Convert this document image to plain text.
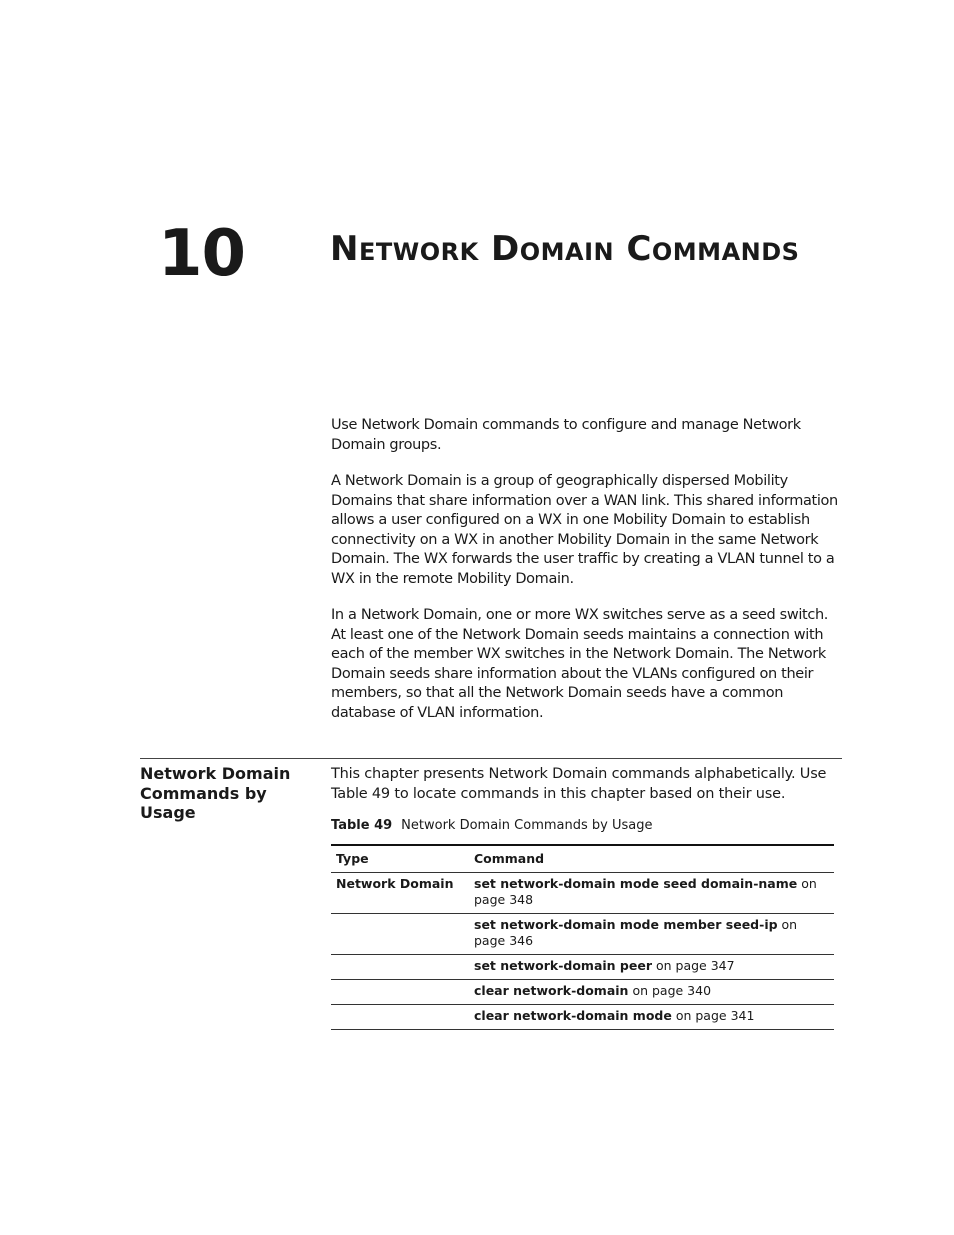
10 Network Domain Commands

Use Network Domain commands to configure and manage Network Domain groups.

A Network Domain is a group of geographically dispersed Mobility Domains that share information over a WAN link. This shared information allows a user configured on a WX in one Mobility Domain to establish connectivity on a WX in another Mobility Domain in the same Network Domain. The WX forwards the user traffic by creating a VLAN tunnel to a WX in the remote Mobility Domain.

In a Network Domain, one or more WX switches serve as a seed switch. At least one of the Network Domain seeds maintains a connection with each of the member WX switches in the Network Domain. The Network Domain seeds share information about the VLANs configured on their members, so that all the Network Domain seeds have a common database of VLAN information.

Network Domain Commands by Usage
This chapter presents Network Domain commands alphabetically. Use Table 49 to locate commands in this chapter based on their use.
Table 49 Network Domain Commands by Usage
Type	Command
Network Domain	set network-domain mode seed domain-name on page 348
	set network-domain mode member seed-ip on page 346
	set network-domain peer on page 347
	clear network-domain on page 340
	clear network-domain mode on page 341
